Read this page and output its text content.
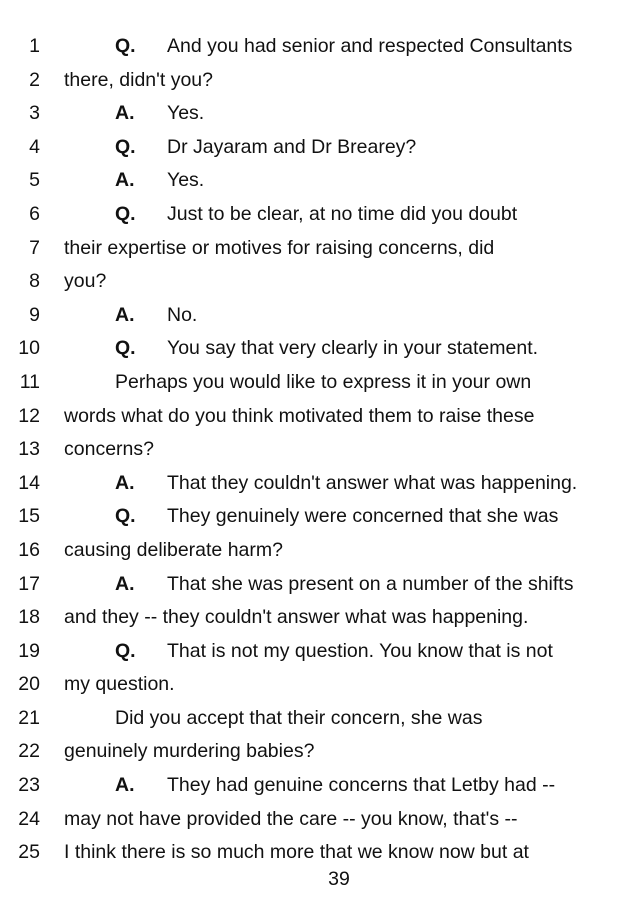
1	Q. And you had senior and respected Consultants
2 there, didn't you?
3	A. Yes.
4	Q. Dr Jayaram and Dr Brearey?
5	A. Yes.
6	Q. Just to be clear, at no time did you doubt
7 their expertise or motives for raising concerns, did
8 you?
9	A. No.
10	Q. You say that very clearly in your statement.
11	Perhaps you would like to express it in your own
12 words what do you think motivated them to raise these
13 concerns?
14	A. That they couldn't answer what was happening.
15	Q. They genuinely were concerned that she was
16 causing deliberate harm?
17	A. That she was present on a number of the shifts
18 and they -- they couldn't answer what was happening.
19	Q. That is not my question. You know that is not
20 my question.
21	Did you accept that their concern, she was
22 genuinely murdering babies?
23	A. They had genuine concerns that Letby had --
24 may not have provided the care -- you know, that's --
25 I think there is so much more that we know now but at
39
